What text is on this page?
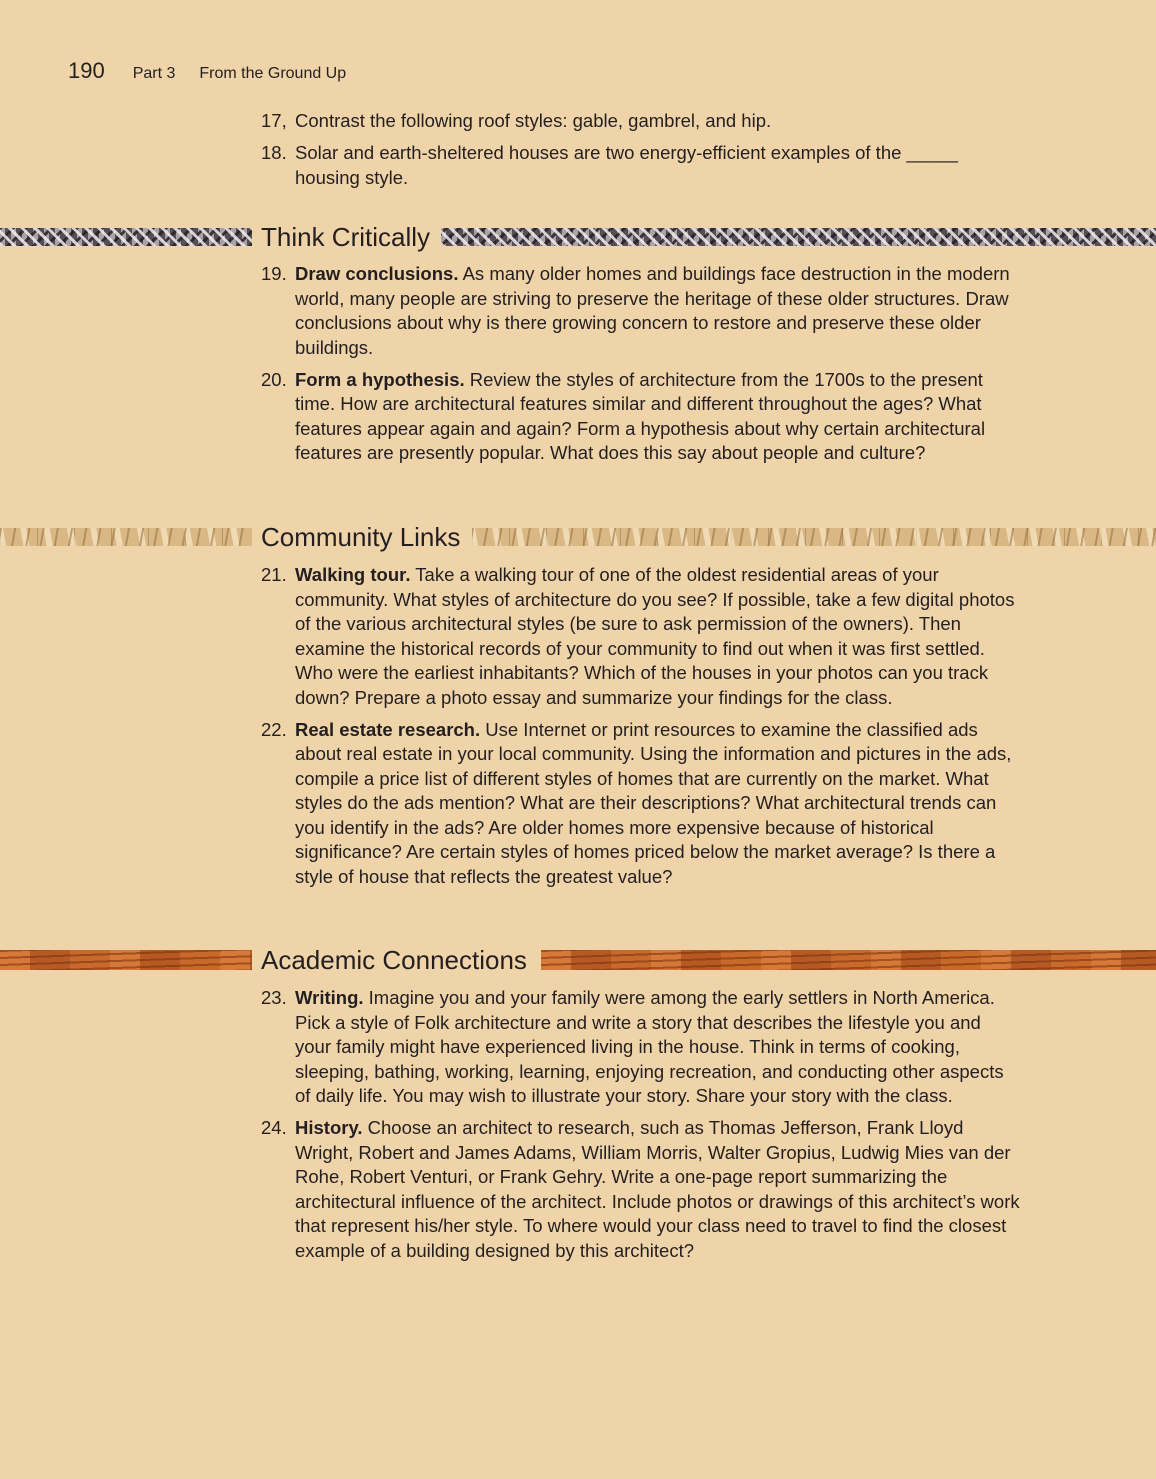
190 Part 3 From the Ground Up
17, Contrast the following roof styles: gable, gambrel, and hip.
18. Solar and earth-sheltered houses are two energy-efficient examples of the _____ housing style.
Think Critically
19. Draw conclusions. As many older homes and buildings face destruction in the modern world, many people are striving to preserve the heritage of these older structures. Draw conclusions about why is there growing concern to restore and preserve these older buildings.
20. Form a hypothesis. Review the styles of architecture from the 1700s to the present time. How are architectural features similar and different throughout the ages? What features appear again and again? Form a hypothesis about why certain architectural features are presently popular. What does this say about people and culture?
Community Links
21. Walking tour. Take a walking tour of one of the oldest residential areas of your community. What styles of architecture do you see? If possible, take a few digital photos of the various architectural styles (be sure to ask permission of the owners). Then examine the historical records of your community to find out when it was first settled. Who were the earliest inhabitants? Which of the houses in your photos can you track down? Prepare a photo essay and summarize your findings for the class.
22. Real estate research. Use Internet or print resources to examine the classified ads about real estate in your local community. Using the information and pictures in the ads, compile a price list of different styles of homes that are currently on the market. What styles do the ads mention? What are their descriptions? What architectural trends can you identify in the ads? Are older homes more expensive because of historical significance? Are certain styles of homes priced below the market average? Is there a style of house that reflects the greatest value?
Academic Connections
23. Writing. Imagine you and your family were among the early settlers in North America. Pick a style of Folk architecture and write a story that describes the lifestyle you and your family might have experienced living in the house. Think in terms of cooking, sleeping, bathing, working, learning, enjoying recreation, and conducting other aspects of daily life. You may wish to illustrate your story. Share your story with the class.
24. History. Choose an architect to research, such as Thomas Jefferson, Frank Lloyd Wright, Robert and James Adams, William Morris, Walter Gropius, Ludwig Mies van der Rohe, Robert Venturi, or Frank Gehry. Write a one-page report summarizing the architectural influence of the architect. Include photos or drawings of this architect’s work that represent his/her style. To where would your class need to travel to find the closest example of a building designed by this architect?
